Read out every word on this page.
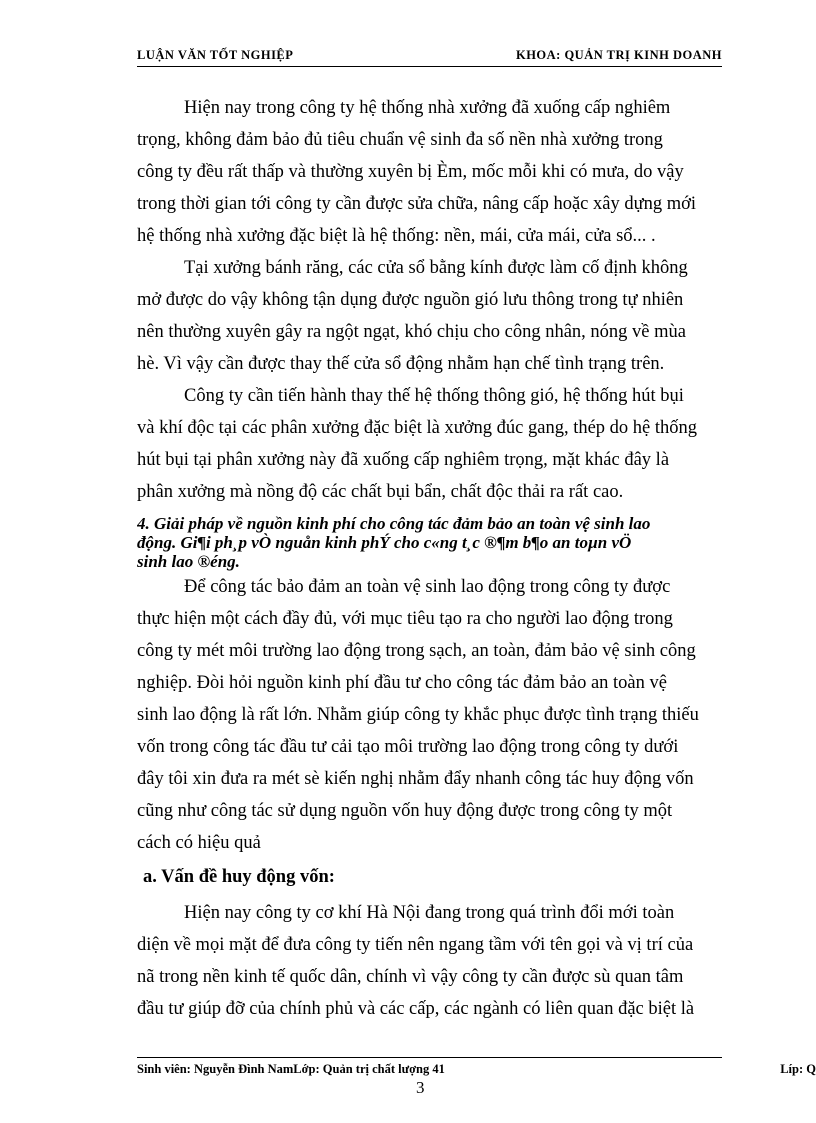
LUẬN VĂN TỐT NGHIỆP	KHOA: QUẢN TRỊ KINH DOANH

Hiện nay trong công ty hệ thống nhà xưởng đã xuống cấp nghiêm

trọng, không đảm bảo đủ tiêu chuẩn vệ sinh đa số nền nhà xưởng trong

công ty đều rất thấp và thường xuyên bị Èm, mốc mỗi khi có mưa, do vậy

trong thời gian tới công ty cần được sửa chữa, nâng cấp hoặc xây dựng mới

hệ thống nhà xưởng đặc biệt là hệ thống: nền, mái, cửa mái, cửa sổ... .

Tại xưởng bánh răng, các cửa sổ bằng kính được làm cố định không

mở được do vậy không tận dụng được nguồn gió lưu thông trong tự nhiên

nên thường xuyên gây ra ngột ngạt, khó chịu cho công nhân, nóng về mùa

hè. Vì vậy cần được thay thế cửa sổ động nhằm hạn chế tình trạng trên.

Công ty cần tiến hành thay thế hệ thống thông gió, hệ thống hút bụi

và khí độc tại các phân xưởng đặc biệt là xưởng đúc gang, thép do hệ thống

hút bụi tại phân xưởng này đã xuống cấp nghiêm trọng, mặt khác đây là

phân xưởng mà nồng độ các chất bụi bẩn, chất độc thải ra rất cao.

4. Giải pháp về nguồn kinh phí cho công tác đảm bảo an toàn vệ sinh lao

động. Gi¶i ph¸p vÒ nguån kinh phÝ cho c«ng t¸c ®¶m b¶o an toµn vÖ

sinh lao ®éng.

Để công tác bảo đảm an toàn vệ sinh lao động trong công ty được

thực hiện một cách đầy đủ, với mục tiêu tạo ra cho người lao động trong

công ty mét môi trường lao động trong sạch, an toàn, đảm bảo vệ sinh công

nghiệp. Đòi hỏi nguồn kinh phí đầu tư cho công tác đảm bảo an toàn vệ

sinh lao động là rất lớn. Nhằm giúp công ty khắc phục được tình trạng thiếu

vốn trong công tác đầu tư cải tạo môi trường lao động trong công ty dưới

đây tôi xin đưa ra mét sè kiến nghị nhằm đẩy nhanh công tác huy động vốn

cũng như công tác sử dụng nguồn vốn huy động được trong công ty một

cách có hiệu quả

a. Vấn đề huy động vốn:

Hiện nay công ty cơ khí Hà Nội đang trong quá trình đổi mới toàn

diện về mọi mặt để đưa công ty tiến nên ngang tầm với tên gọi và vị trí của

nã trong nền kinh tế quốc dân, chính vì vậy công ty cần được sù quan tâm

đầu tư giúp đỡ của chính phủ và các cấp, các ngành có liên quan đặc biệt là

Sinh viên: Nguyễn Đình NamLớp: Quản trị chất lượng 41	Líp: Q
3
